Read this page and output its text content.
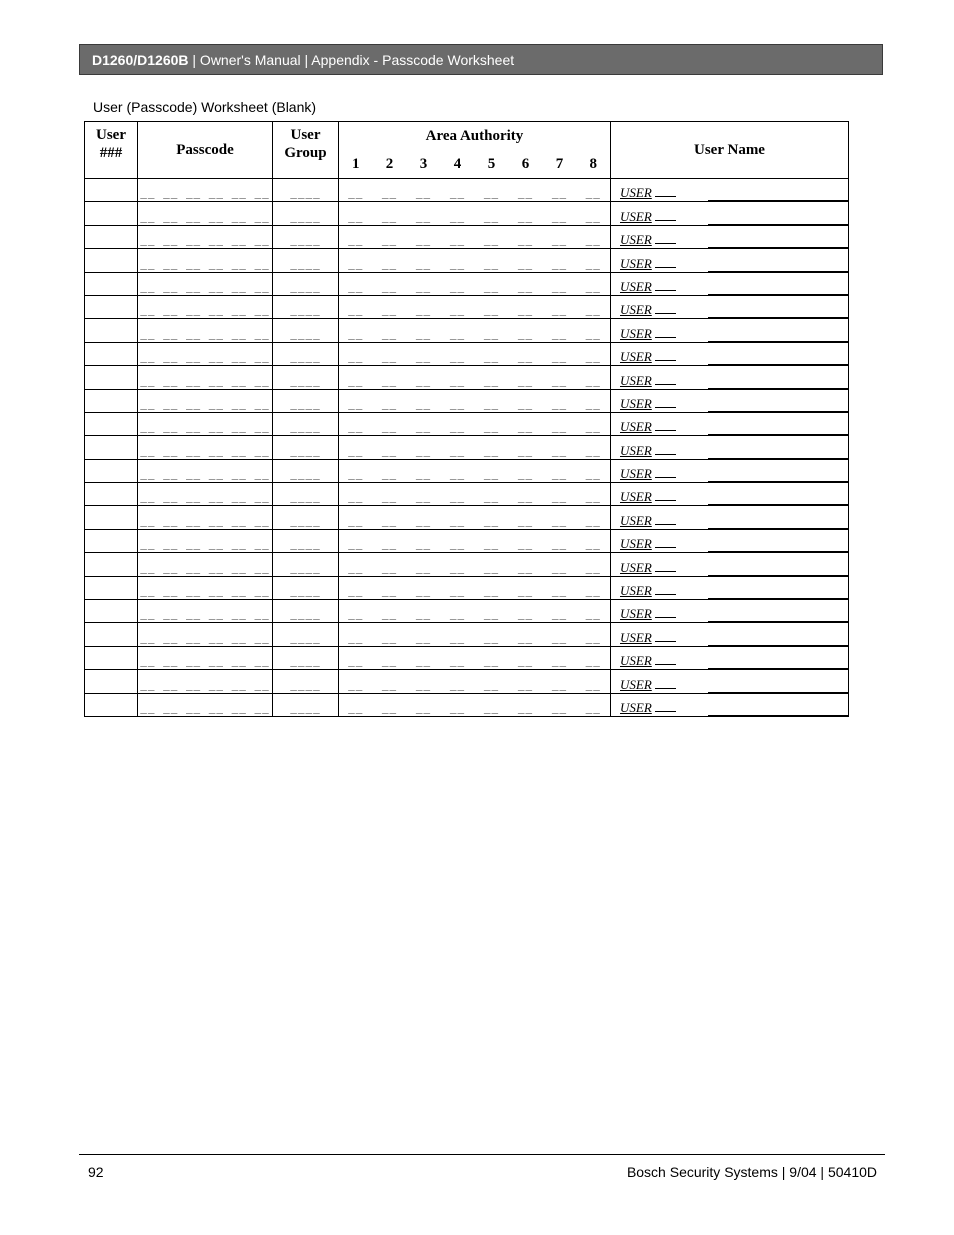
D1260/D1260B | Owner's Manual | Appendix - Passcode Worksheet
User (Passcode) Worksheet (Blank)
User ###	Passcode	User Group	Area Authority								User Name
			1	2	3	4	5	6	7	8	
	__ __ __ __ __ __	____	__	__	__	__	__	__	__	__	USER

	__ __ __ __ __ __	____	__	__	__	__	__	__	__	__	USER

	__ __ __ __ __ __	____	__	__	__	__	__	__	__	__	USER

	__ __ __ __ __ __	____	__	__	__	__	__	__	__	__	USER

	__ __ __ __ __ __	____	__	__	__	__	__	__	__	__	USER

	__ __ __ __ __ __	____	__	__	__	__	__	__	__	__	USER

	__ __ __ __ __ __	____	__	__	__	__	__	__	__	__	USER

	__ __ __ __ __ __	____	__	__	__	__	__	__	__	__	USER

	__ __ __ __ __ __	____	__	__	__	__	__	__	__	__	USER

	__ __ __ __ __ __	____	__	__	__	__	__	__	__	__	USER

	__ __ __ __ __ __	____	__	__	__	__	__	__	__	__	USER

	__ __ __ __ __ __	____	__	__	__	__	__	__	__	__	USER

	__ __ __ __ __ __	____	__	__	__	__	__	__	__	__	USER

	__ __ __ __ __ __	____	__	__	__	__	__	__	__	__	USER

	__ __ __ __ __ __	____	__	__	__	__	__	__	__	__	USER

	__ __ __ __ __ __	____	__	__	__	__	__	__	__	__	USER

	__ __ __ __ __ __	____	__	__	__	__	__	__	__	__	USER

	__ __ __ __ __ __	____	__	__	__	__	__	__	__	__	USER

	__ __ __ __ __ __	____	__	__	__	__	__	__	__	__	USER

	__ __ __ __ __ __	____	__	__	__	__	__	__	__	__	USER

	__ __ __ __ __ __	____	__	__	__	__	__	__	__	__	USER

	__ __ __ __ __ __	____	__	__	__	__	__	__	__	__	USER

	__ __ __ __ __ __	____	__	__	__	__	__	__	__	__	USER
92	Bosch Security Systems | 9/04 | 50410D
